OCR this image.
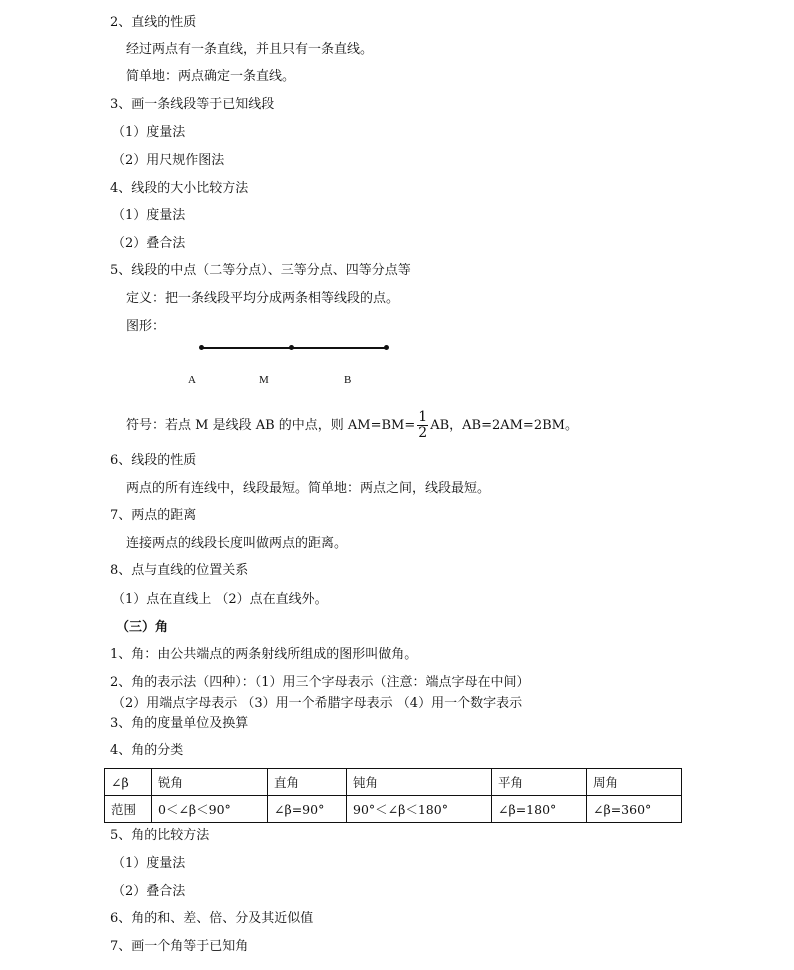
2、直线的性质
经过两点有一条直线，并且只有一条直线。
简单地：两点确定一条直线。
3、画一条线段等于已知线段
（1）度量法
（2）用尺规作图法
4、线段的大小比较方法
（1）度量法
（2）叠合法
5、线段的中点（二等分点）、三等分点、四等分点等
定义：把一条线段平均分成两条相等线段的点。
图形：
A	M	B
符号：若点 M 是线段 AB 的中点，则 $AM=BM= \frac{1}{2}$ AB，AB=2AM=2BM。
6、线段的性质
两点的所有连线中，线段最短。简单地：两点之间，线段最短。
7、两点的距离
连接两点的线段长度叫做两点的距离。
8、点与直线的位置关系
（1）点在直线上 （2）点在直线外。
（三）角
1、角：由公共端点的两条射线所组成的图形叫做角。
2、角的表示法（四种）：（1）用三个字母表示（注意：端点字母在中间）
（2）用端点字母表示 （3）用一个希腊字母表示 （4）用一个数字表示
3、角的度量单位及换算
4、角的分类
∠β	锐角	直角	钝角	平角	周角
范围	0＜∠β＜90°	∠β=90°	90°＜∠β＜180°	∠β=180°	∠β=360°
5、角的比较方法
（1）度量法
（2）叠合法
6、角的和、差、倍、分及其近似值
7、画一个角等于已知角
